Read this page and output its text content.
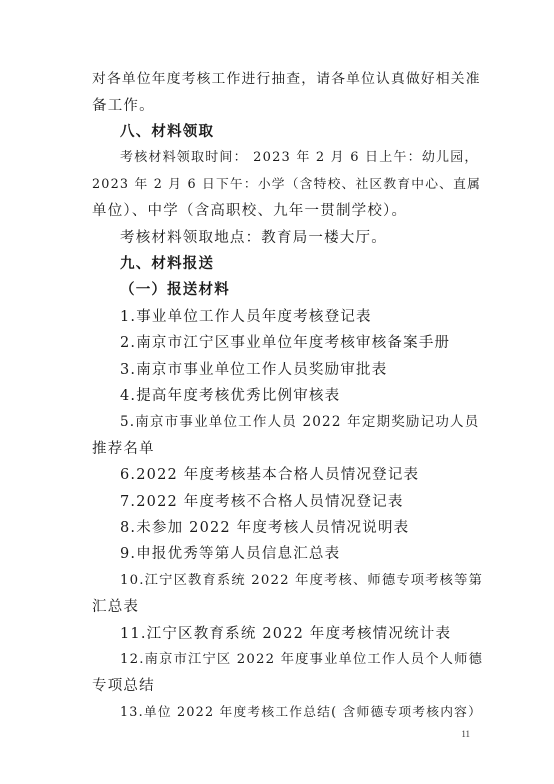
对各单位年度考核工作进行抽查，请各单位认真做好相关准
备工作。
八、材料领取
考核材料领取时间： 2023 年 2 月 6 日上午：幼儿园，
2023 年 2 月 6 日下午：小学（含特校、社区教育中心、直属
单位）、中学（含高职校、九年一贯制学校）。
考核材料领取地点：教育局一楼大厅。
九、材料报送
（一）报送材料
1.事业单位工作人员年度考核登记表
2.南京市江宁区事业单位年度考核审核备案手册
3.南京市事业单位工作人员奖励审批表
4.提高年度考核优秀比例审核表
5.南京市事业单位工作人员 2022 年定期奖励记功人员
推荐名单
6.2022 年度考核基本合格人员情况登记表
7.2022 年度考核不合格人员情况登记表
8.未参加 2022 年度考核人员情况说明表
9.申报优秀等第人员信息汇总表
10.江宁区教育系统 2022 年度考核、师德专项考核等第
汇总表
11.江宁区教育系统 2022 年度考核情况统计表
12.南京市江宁区 2022 年度事业单位工作人员个人师德
专项总结
13.单位 2022 年度考核工作总结( 含师德专项考核内容）
11
